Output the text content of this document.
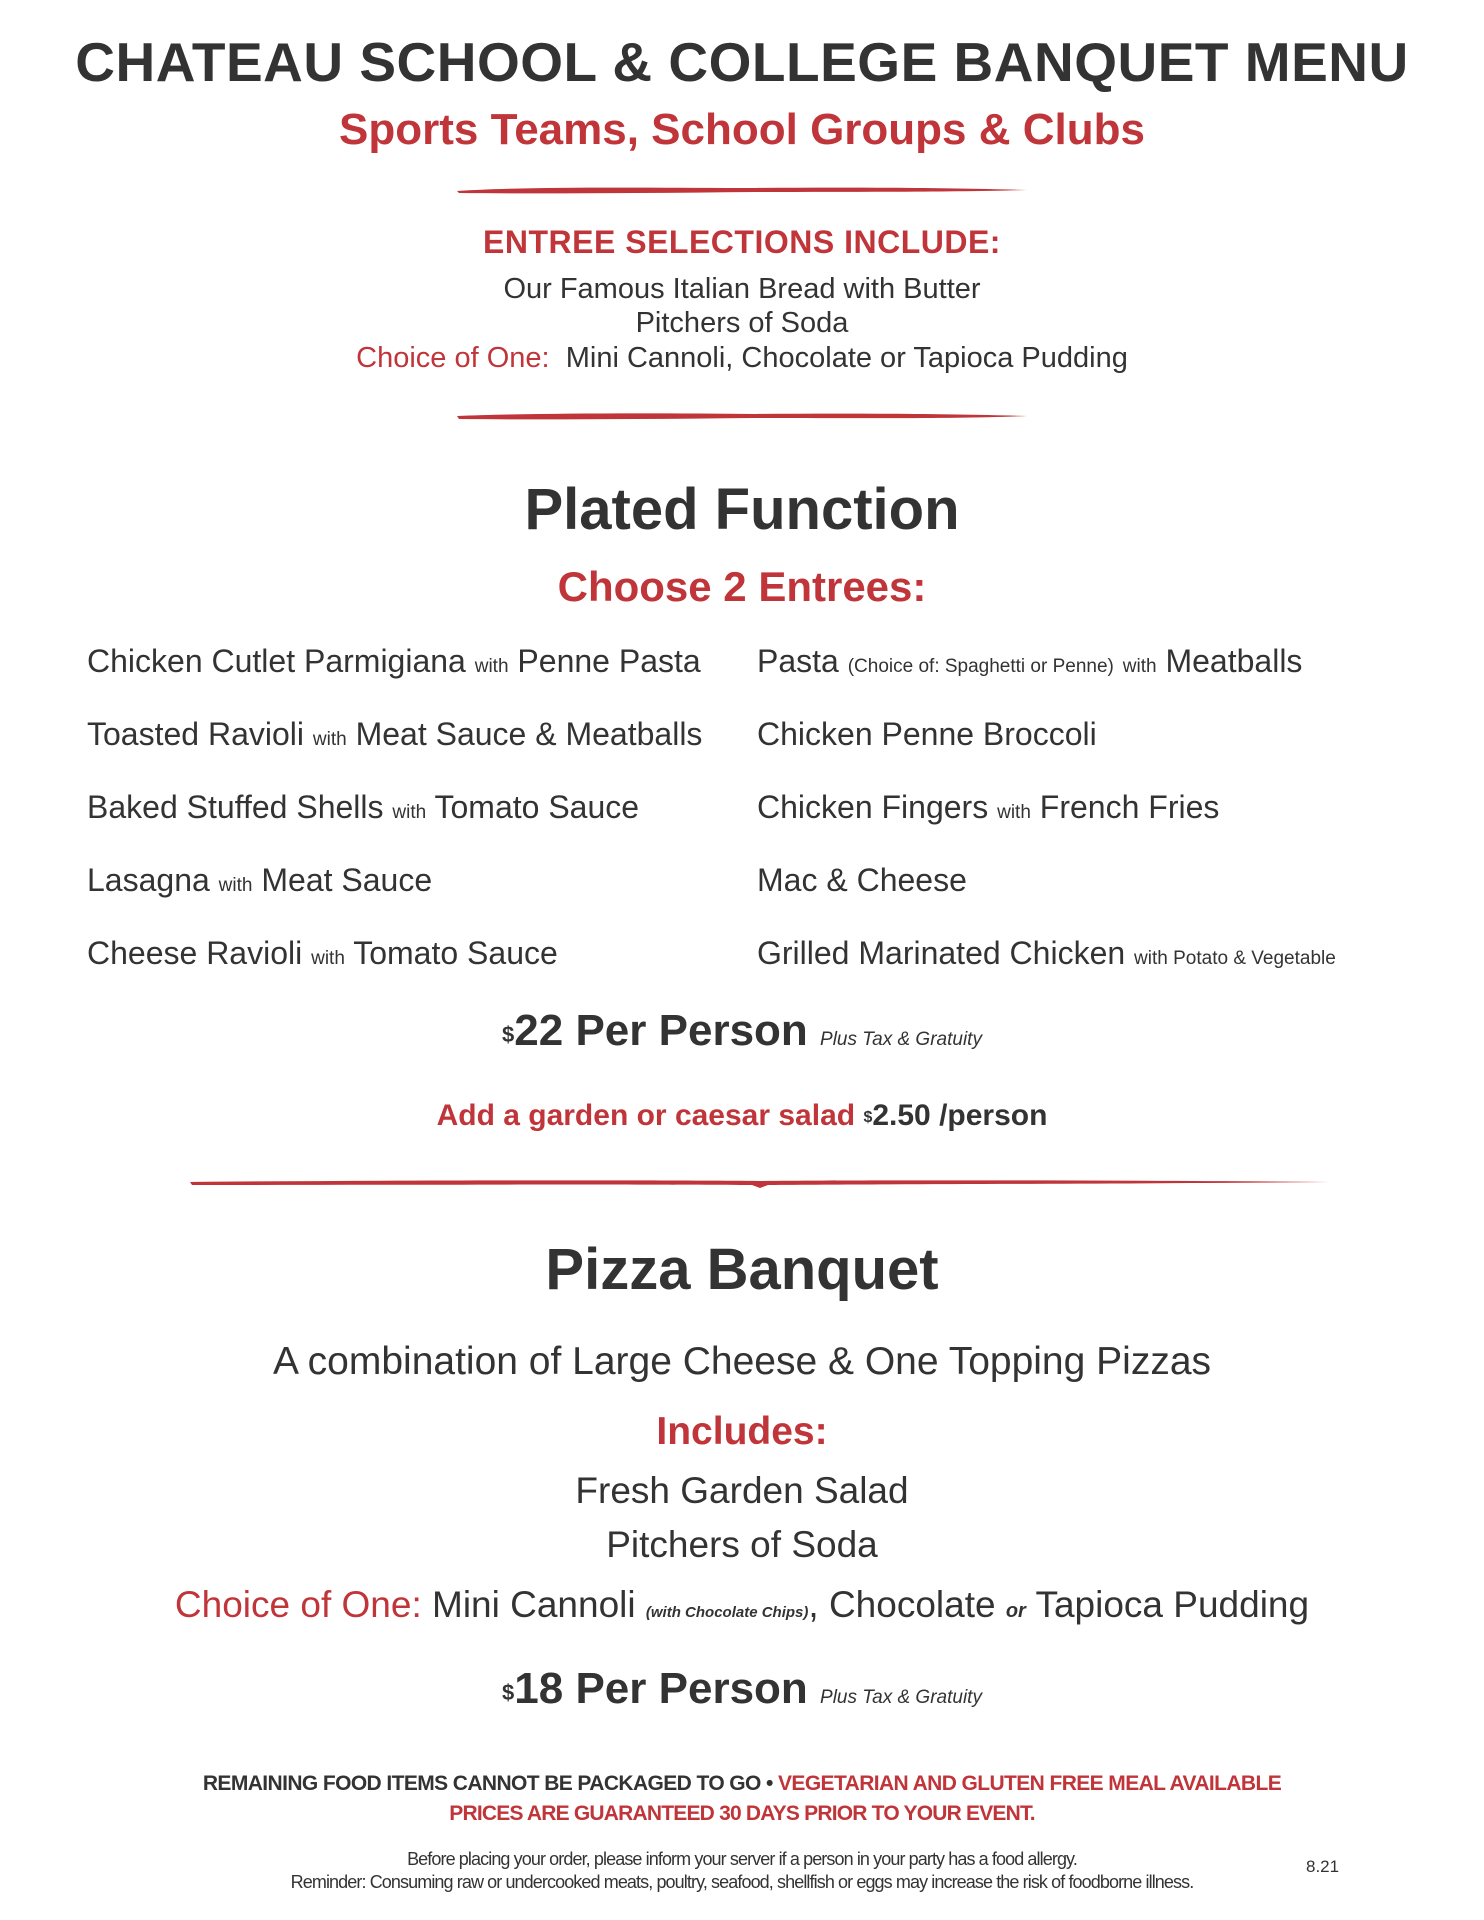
CHATEAU SCHOOL & COLLEGE BANQUET MENU
Sports Teams, School Groups & Clubs
ENTREE SELECTIONS INCLUDE:
Our Famous Italian Bread with Butter
Pitchers of Soda
Choice of One: Mini Cannoli, Chocolate or Tapioca Pudding
Plated Function
Choose 2 Entrees:
Chicken Cutlet Parmigiana with Penne Pasta
Toasted Ravioli with Meat Sauce & Meatballs
Baked Stuffed Shells with Tomato Sauce
Lasagna with Meat Sauce
Cheese Ravioli with Tomato Sauce
Pasta (Choice of: Spaghetti or Penne) with Meatballs
Chicken Penne Broccoli
Chicken Fingers with French Fries
Mac & Cheese
Grilled Marinated Chicken with Potato & Vegetable
$22 Per Person Plus Tax & Gratuity
Add a garden or caesar salad $2.50 /person
Pizza Banquet
A combination of Large Cheese & One Topping Pizzas
Includes:
Fresh Garden Salad
Pitchers of Soda
Choice of One: Mini Cannoli (with Chocolate Chips), Chocolate or Tapioca Pudding
$18 Per Person Plus Tax & Gratuity
REMAINING FOOD ITEMS CANNOT BE PACKAGED TO GO • VEGETARIAN AND GLUTEN FREE MEAL AVAILABLE
PRICES ARE GUARANTEED 30 DAYS PRIOR TO YOUR EVENT.
Before placing your order, please inform your server if a person in your party has a food allergy.
Reminder: Consuming raw or undercooked meats, poultry, seafood, shellfish or eggs may increase the risk of foodborne illness.
8.21
